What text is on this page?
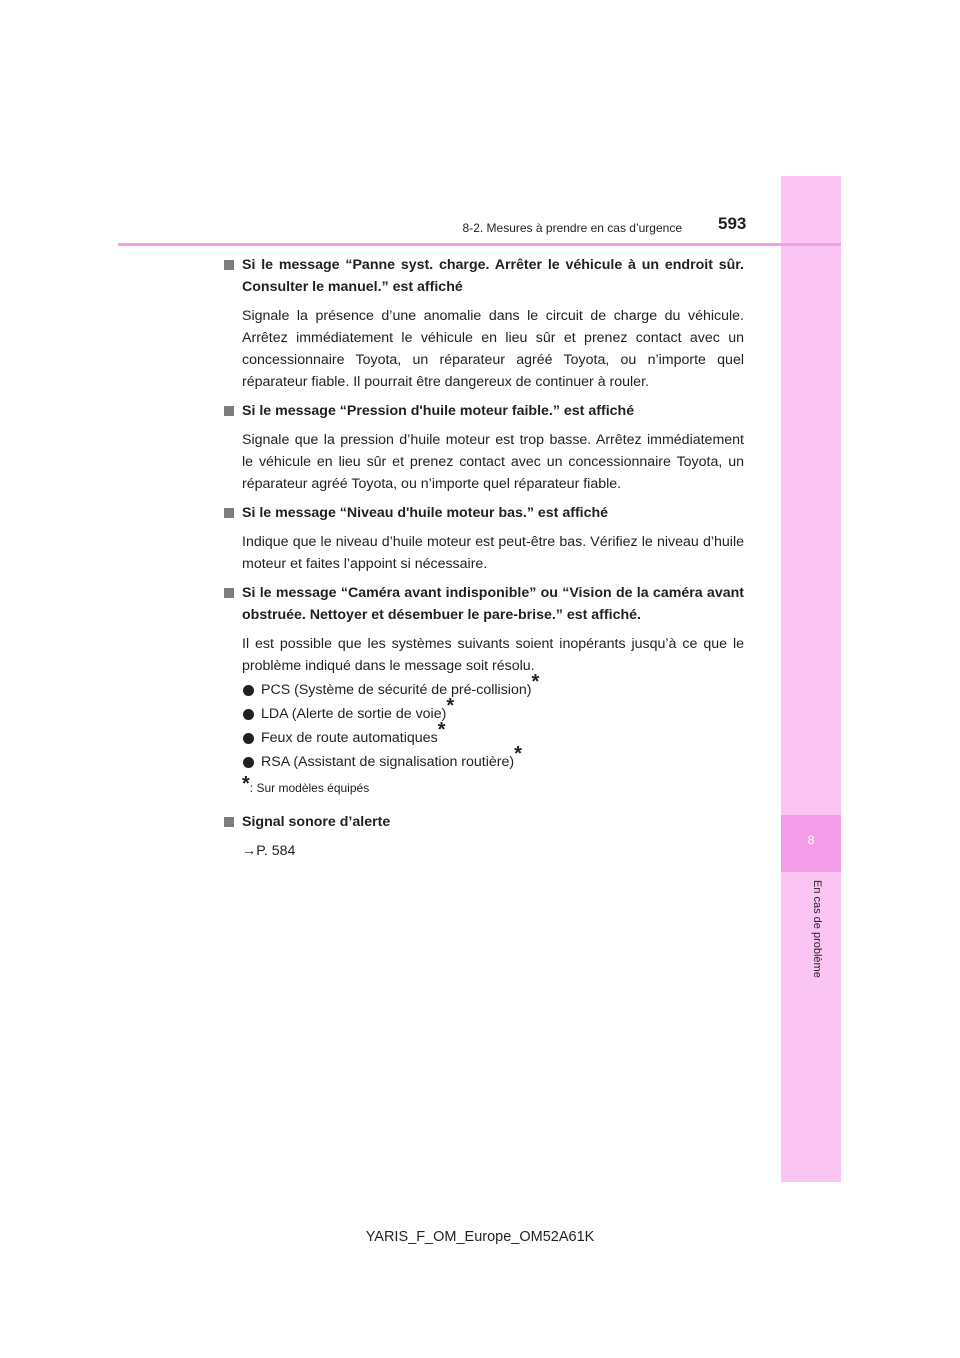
8
En cas de problème
8-2. Mesures à prendre en cas d’urgence 593
Si le message “Panne syst. charge. Arrêter le véhicule à un endroit sûr. Consulter le manuel.” est affiché
Signale la présence d’une anomalie dans le circuit de charge du véhicule. Arrêtez immédiatement le véhicule en lieu sûr et prenez contact avec un concessionnaire Toyota, un réparateur agréé Toyota, ou n’importe quel réparateur fiable. Il pourrait être dangereux de continuer à rouler.
Si le message “Pression d'huile moteur faible.” est affiché
Signale que la pression d’huile moteur est trop basse. Arrêtez immédiatement le véhicule en lieu sûr et prenez contact avec un concessionnaire Toyota, un réparateur agréé Toyota, ou n’importe quel réparateur fiable.
Si le message “Niveau d'huile moteur bas.” est affiché
Indique que le niveau d’huile moteur est peut-être bas. Vérifiez le niveau d’huile moteur et faites l’appoint si nécessaire.
Si le message “Caméra avant indisponible” ou “Vision de la caméra avant obstruée. Nettoyer et désembuer le pare-brise.” est affiché.
Il est possible que les systèmes suivants soient inopérants jusqu’à ce que le problème indiqué dans le message soit résolu.
PCS (Système de sécurité de pré-collision)*
LDA (Alerte de sortie de voie)*
Feux de route automatiques*
RSA (Assistant de signalisation routière)*
*: Sur modèles équipés
Signal sonore d’alerte
→P. 584
YARIS_F_OM_Europe_OM52A61K
